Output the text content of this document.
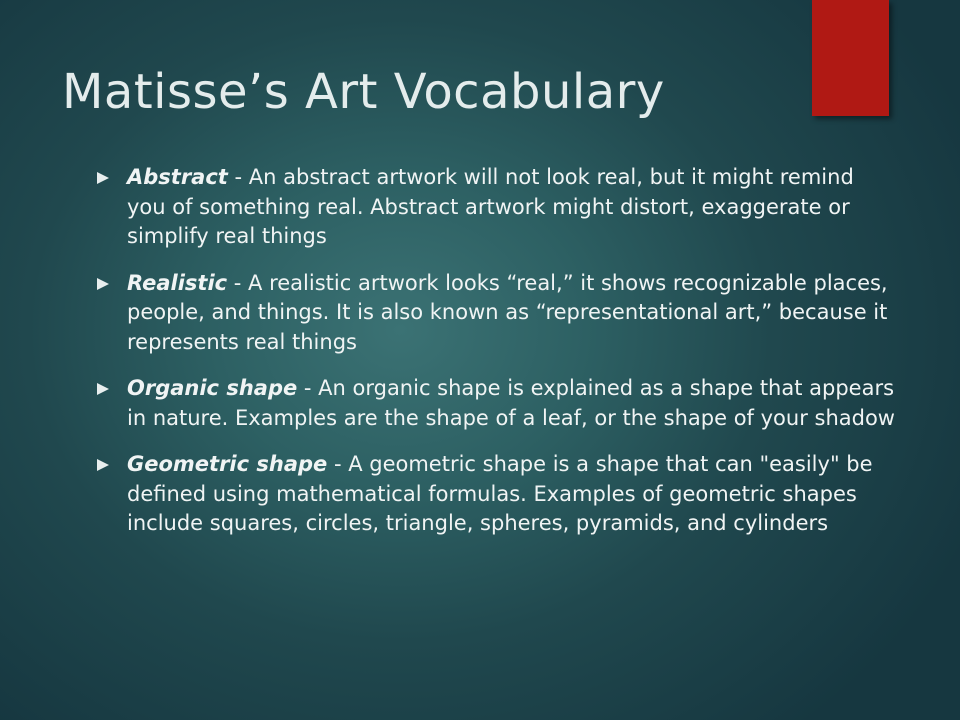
Matisse’s Art Vocabulary
Abstract - An abstract artwork will not look real, but it might remind you of something real. Abstract artwork might distort, exaggerate or simplify real things
Realistic - A realistic artwork looks “real,” it shows recognizable places, people, and things. It is also known as “representational art,” because it represents real things
Organic shape - An organic shape is explained as a shape that appears in nature. Examples are the shape of a leaf, or the shape of your shadow
Geometric shape - A geometric shape is a shape that can "easily" be defined using mathematical formulas. Examples of geometric shapes include squares, circles, triangle, spheres, pyramids, and cylinders
